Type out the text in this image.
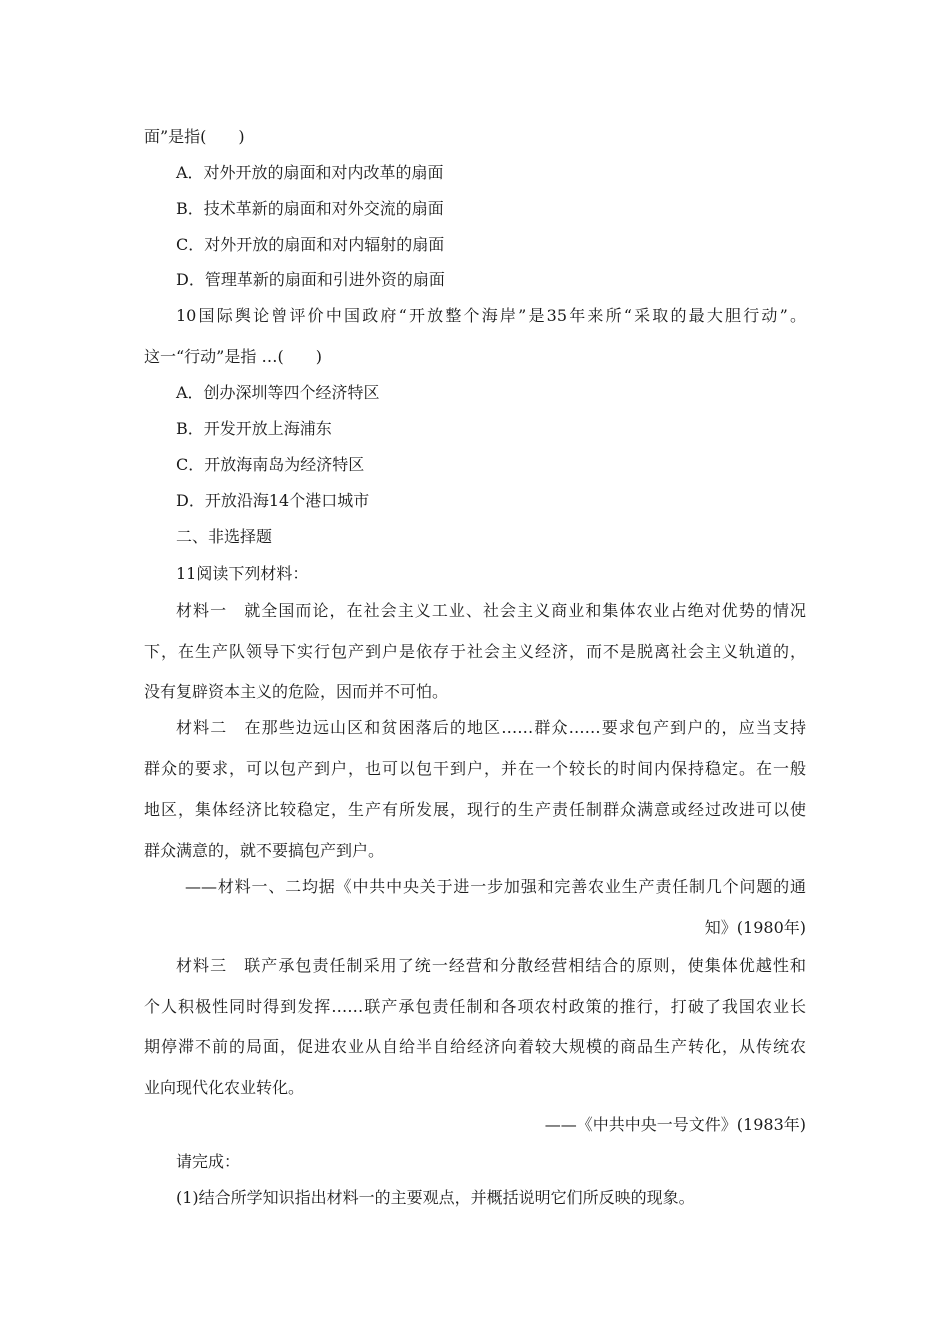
面”是指(　　)
A．对外开放的扇面和对内改革的扇面
B．技术革新的扇面和对外交流的扇面
C．对外开放的扇面和对内辐射的扇面
D．管理革新的扇面和引进外资的扇面
10国际舆论曾评价中国政府“开放整个海岸”是35年来所“采取的最大胆行动”。
这一“行动”是指 …(　　)
A．创办深圳等四个经济特区
B．开发开放上海浦东
C．开放海南岛为经济特区
D．开放沿海14个港口城市
二、非选择题
11阅读下列材料：
材料一　就全国而论，在社会主义工业、社会主义商业和集体农业占绝对优势的情况
下，在生产队领导下实行包产到户是依存于社会主义经济，而不是脱离社会主义轨道的，
没有复辟资本主义的危险，因而并不可怕。
材料二　在那些边远山区和贫困落后的地区……群众……要求包产到户的，应当支持
群众的要求，可以包产到户，也可以包干到户，并在一个较长的时间内保持稳定。在一般
地区，集体经济比较稳定，生产有所发展，现行的生产责任制群众满意或经过改进可以使
群众满意的，就不要搞包产到户。
——材料一、二均据《中共中央关于进一步加强和完善农业生产责任制几个问题的通
知》(1980年)
材料三　联产承包责任制采用了统一经营和分散经营相结合的原则，使集体优越性和
个人积极性同时得到发挥……联产承包责任制和各项农村政策的推行，打破了我国农业长
期停滞不前的局面，促进农业从自给半自给经济向着较大规模的商品生产转化，从传统农
业向现代化农业转化。
——《中共中央一号文件》(1983年)
请完成：
(1)结合所学知识指出材料一的主要观点，并概括说明它们所反映的现象。
